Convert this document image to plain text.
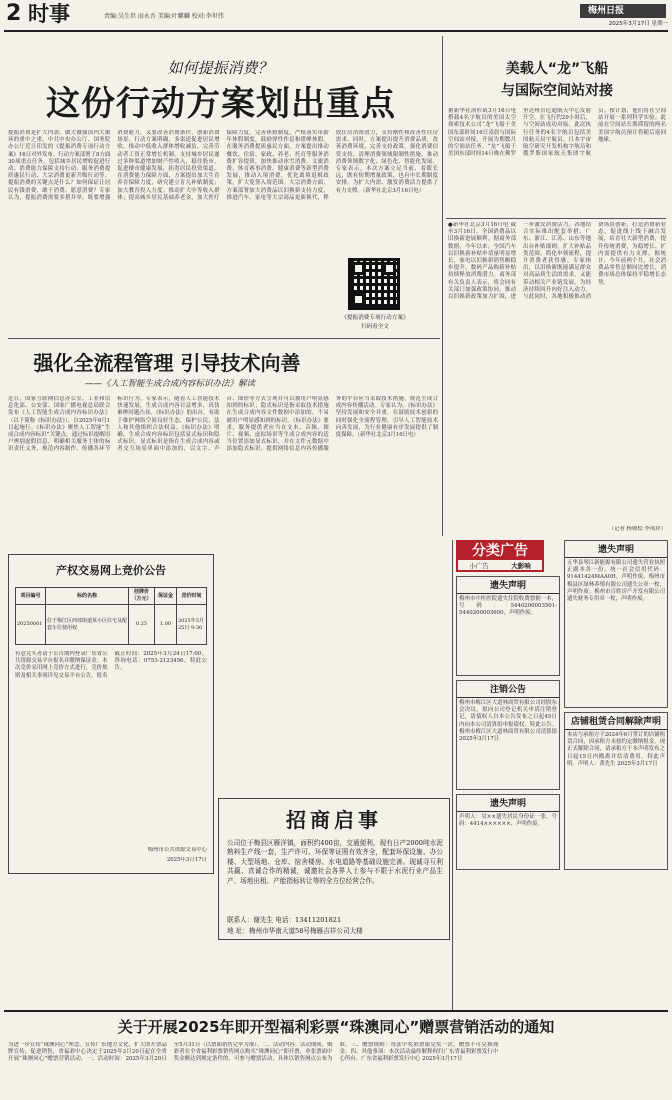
2 时事	责编:吴生世 而永吾 美编:叶麒麟 校对:李世伟
梅州日报
2025年3月17日 星期一
如何提振消费？
这份行动方案划出重点
提振消费是扩大内需、做大做强国内大循环的重中之重。中共中央办公厅、国务院办公厅近日印发的《提振消费专项行动方案》16日对外发布。行动方案部署了8方面30项重点任务，包括城乡居民增收促进行动、消费能力保障支持行动、服务消费提质惠民行动、大宗消费更新升级行动等。提振消费的关键点是什么？如何保证让居民有钱消费、敢于消费、愿意消费？专家认为，提振消费需要多措并举，既要增强消费能力，又要改善消费条件，创新消费场景。行动方案明确，多渠道促进居民增收，推动中低收入群体增收减负，完善劳动者工资正常增长机制。支持城乡居民通过多种渠道增加财产性收入，稳住股市，促进楼市健康发展，拓宽居民投资渠道。在消费能力保障方面，方案提出加大生育养育保障力度，研究建立育儿补贴制度；加大教育投入力度；推动扩大中等收入群体；提高城乡居民基础养老金，加大医疗保障力度。完善休假制度，严格落实带薪年休假制度，鼓励弹性作息和错峰休假。在服务消费提质惠民方面，方案提出推动餐饮、住宿、家政、养老、托育等服务消费扩容提质，加快推动冰雪消费、文旅消费、体育赛事消费、健康消费等新型消费发展，推动入境消费，优化离境退税政策，扩大免签入境范围。大宗消费方面，方案部署加大消费品以旧换新支持力度，推进汽车、家电等大宗商品更新换代，释放住房消费潜力，支持刚性和改善性住房需求。同时，方案提出提升消费品质，改善消费环境，完善支持政策，强化消费信贷支持，清理消费领域限制性措施，推动消费领域数字化、绿色化、智能化发展。专家表示，本次方案立足当前、着眼长远，既有短期增量政策，也有中长期制度安排，为扩大内需、激发消费活力提供了有力支撑。（新华社北京3月16日电）
《提振消费专项行动方案》
扫码看全文
美载人“龙”飞船
与国际空间站对接
据新华社洛杉矶3月16日电 搭载4名宇航员的美国太空探索技术公司“龙”飞船于美国东部时间16日凌晨与国际空间站对接，开展为期数月的空间站任务。“龙”飞船于美国东部时间14日晚在佛罗里达州肯尼迪航天中心发射升空。在飞行约29小时后，与空间站成功对接。此次执行任务的4名宇航员包括美国航天局宇航员、日本宇宙航空研究开发机构宇航员和俄罗斯国家航天集团宇航员。按计划，他们将在空间站开展一系列科学实验。此前在空间站长期滞留的两名美国宇航员预计将随后返回地球。
●新华社北京3月16日电 截至3月16日，全国消费品以旧换新进展顺利。据商务部数据，今年以来，全国汽车以旧换新补贴申请量明显增长，家电以旧换新销售额稳步提升，数码产品购新补贴持续释放消费潜力。商务部有关负责人表示，将会同有关部门加强政策协同，推动以旧换新政策加力扩围，进一步激发消费活力。各地结合实际推出配套举措，广东、浙江、江苏、山东等地出台补贴细则，扩大补贴品类范围，简化申领流程，提升消费者获得感。专家指出，以旧换新既能满足群众对高品质生活的需求，又能带动相关产业链发展，为经济持续回升向好注入动力。与此同时，各地积极推动消费场景创新，打造消费新业态，促进线上线下融合发展，培育壮大新型消费，提升传统消费，为稳增长、扩内需提供有力支撑。据统计，今年前两个月，社会消费品零售总额同比增长，消费市场总体保持平稳增长态势。
（记者 杨敬松 李凤祥）
强化全流程管理 引导技术向善
——《人工智能生成合成内容标识办法》解读
近日，国家互联网信息办公室、工业和信息化部、公安部、国家广播电视总局联合发布《人工智能生成合成内容标识办法》（以下简称《标识办法》），自2025年9月1日起施行。《标识办法》聚焦人工智能“生成合成内容标识”关键点，通过标识提醒用户辨别虚假信息，明确相关服务主体的标识责任义务，规范内容制作、传播各环节标识行为。专家表示，随着人工智能技术快速发展，生成合成内容日益增多，真伪难辨问题凸显。《标识办法》的出台，有助于维护网络空间良好生态，保护公民、法人和其他组织合法权益。《标识办法》明确，生成合成内容标识包括显式标识和隐式标识。显式标识是指在生成合成内容或者交互场景界面中添加的，以文字、声音、图形等方式呈现并可以被用户明显感知到的标识；隐式标识是指采取技术措施在生成合成内容文件数据中添加的，不易被用户明显感知到的标识。《标识办法》要求，服务提供者应当在文本、音频、图片、视频、虚拟场景等生成合成内容的适当位置添加显式标识，并在文件元数据中添加隐式标识。提供网络信息内容传播服务的平台应当采取技术措施，规范生成合成内容传播活动。专家认为，《标识办法》坚持发展和安全并重，在鼓励技术创新的同时强化全流程管理，引导人工智能技术向善发展，为行业健康有序发展提供了制度保障。（新华社北京3月16日电）
分类广告
小广告	大影响
遗失声明
梅州市中医医院遗失住院收费票据一本，号码：5440200003501-5440200003600，声明作废。
注销公告
梅州市梅江区大道林商贸有限公司经股东会决议，拟向公司登记机关申请注销登记，请债权人自本公告发布之日起45日内向本公司清算组申报债权。特此公告。梅州市梅江区大道林商贸有限公司清算组 2025年3月17日
遗失声明
声明人：吴××遗失居民身份证一张，号码：4414××××××，声明作废。
遗失声明
五华县琴江新能源有限公司遗失营业执照正副本各一份，统一社会信用代码：91441424MAA0H，声明作废。梅州市梅县区绿林养殖有限公司遗失公章一枚，声明作废。梅州市百姓房产开发有限公司遗失财务专用章一枚，声明作废。
店铺租赁合同解除声明
本店与承租方于2024年6月签订的店铺租赁合同，因承租方未按约定缴纳租金，现正式解除合同，请承租方于本声明发布之日起15日内搬离并结清费用。特此声明。声明人：黄先生 2025年3月17日
产权交易网上竞价公告
项目编号	标的名称	挂牌价（万元）	保证金	竞价时间
20250001	位于梅江区西郊街道某小区住宅及配套车位使用权	0.25	1.00	2025年3月25日 9:30
有意竞买者请于公告期内登录广东省公共资源交易平台报名并缴纳保证金。本次竞价采用网上竞价方式进行，竞价规则及相关事项详见交易平台公告。报名截止时间：2025年3月24日17:00。咨询电话：0753-2123456。特此公告。
梅州市公共资源交易中心
2025年3月17日
招商启事
公司位于梅县区雁洋镇，面积约400亩，交通便利，现有日产2000吨水泥熟料生产线一套，生产许可、环保等证照有效齐全，配套环保设施、办公楼、大型场地、仓库、宿舍楼房、水电道路等基础设施完善。现诚寻互利共赢、真诚合作的精诚，诚邀社会各界人士参与不限于水泥行业产品生产、场地出租、产能指标转让等的全方位经营合作。
联系人：谢先生 电话：13411201821
地 址：梅州市华南大道58号梅雁吉祥公司大楼
关于开展2025年即开型福利彩票“珠澳同心”赠票营销活动的通知
为进一步宣传“珠澳同心”理念，宣传广东地方文化，扩大即开票品牌宣传，促进销售，省福彩中心决定于2025年3月20日起在全省开展“珠澳同心”赠票营销活动。一、活动时间：2025年3月20日至5月31日（以票面销售完毕为准）。二、活动内容：活动期间，购彩者在全省福利彩票销售网点购买“珠澳同心”即开票，单张票面中奖金额达到规定条件的，可参与赠票活动，具体以销售网点公布为准。三、赠票规则：每张中奖彩票限兑奖一次，赠票不可兑换现金。四、其他事项：本次活动最终解释权归广东省福利彩票发行中心所有。广东省福利彩票发行中心 2025年3月17日
